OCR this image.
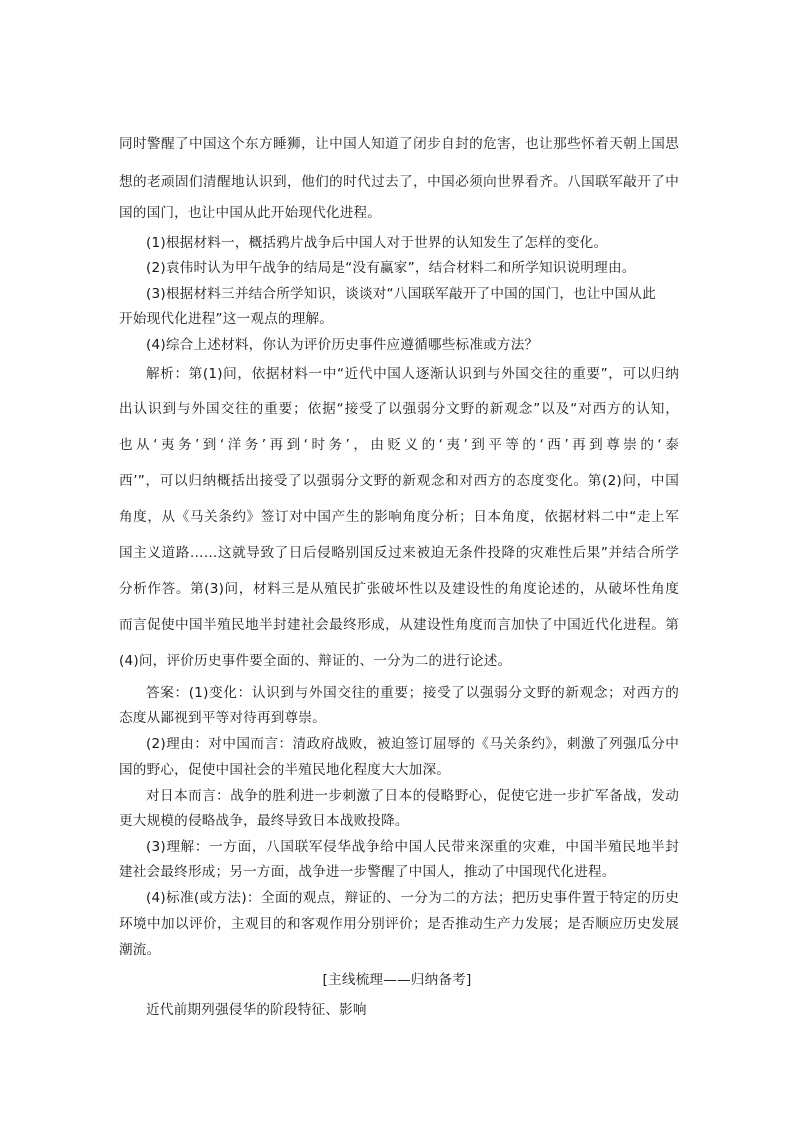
同时警醒了中国这个东方睡狮，让中国人知道了闭步自封的危害，也让那些怀着天朝上国思
想的老顽固们清醒地认识到，他们的时代过去了，中国必须向世界看齐。八国联军敲开了中
国的国门，也让中国从此开始现代化进程。
(1)根据材料一，概括鸦片战争后中国人对于世界的认知发生了怎样的变化。
(2)袁伟时认为甲午战争的结局是“没有赢家”，结合材料二和所学知识说明理由。
(3)根据材料三并结合所学知识，谈谈对“八国联军敲开了中国的国门，也让中国从此
开始现代化进程”这一观点的理解。
(4)综合上述材料，你认为评价历史事件应遵循哪些标准或方法？
解析：第(1)问，依据材料一中“近代中国人逐渐认识到与外国交往的重要”，可以归纳
出认识到与外国交往的重要；依据“接受了以强弱分文野的新观念”以及“对西方的认知，
也从‘夷务’到‘洋务’再到‘时务’，由贬义的‘夷’到平等的‘西’再到尊崇的‘泰
西’”，可以归纳概括出接受了以强弱分文野的新观念和对西方的态度变化。第(2)问，中国
角度，从《马关条约》签订对中国产生的影响角度分析；日本角度，依据材料二中“走上军
国主义道路……这就导致了日后侵略别国反过来被迫无条件投降的灾难性后果”并结合所学
分析作答。第(3)问，材料三是从殖民扩张破坏性以及建设性的角度论述的，从破坏性角度
而言促使中国半殖民地半封建社会最终形成，从建设性角度而言加快了中国近代化进程。第
(4)问，评价历史事件要全面的、辩证的、一分为二的进行论述。
答案：(1)变化：认识到与外国交往的重要；接受了以强弱分文野的新观念；对西方的
态度从鄙视到平等对待再到尊崇。
(2)理由：对中国而言：清政府战败，被迫签订屈辱的《马关条约》，刺激了列强瓜分中
国的野心，促使中国社会的半殖民地化程度大大加深。
对日本而言：战争的胜利进一步刺激了日本的侵略野心，促使它进一步扩军备战，发动
更大规模的侵略战争，最终导致日本战败投降。
(3)理解：一方面，八国联军侵华战争给中国人民带来深重的灾难，中国半殖民地半封
建社会最终形成；另一方面，战争进一步警醒了中国人，推动了中国现代化进程。
(4)标准(或方法)：全面的观点，辩证的、一分为二的方法；把历史事件置于特定的历史
环境中加以评价，主观目的和客观作用分别评价；是否推动生产力发展；是否顺应历史发展
潮流。
[主线梳理——归纳备考]
近代前期列强侵华的阶段特征、影响
